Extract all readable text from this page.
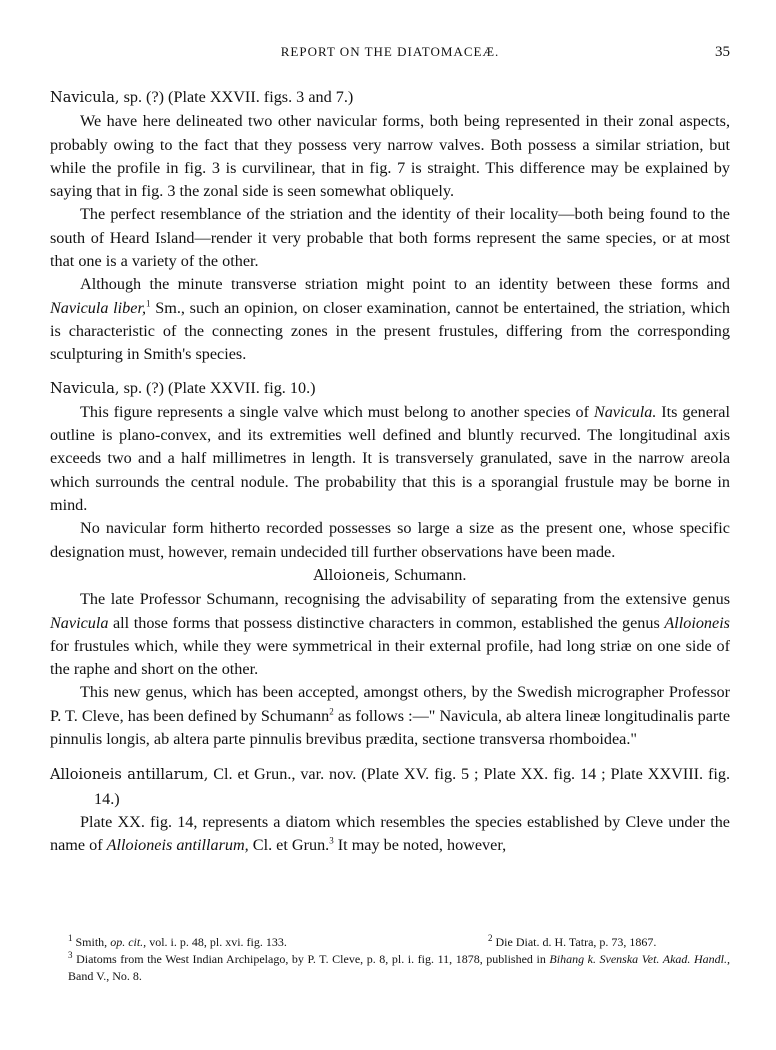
REPORT ON THE DIATOMACEÆ.	35
Navicula, sp. (?) (Plate XXVII. figs. 3 and 7.)

We have here delineated two other navicular forms, both being represented in their zonal aspects, probably owing to the fact that they possess very narrow valves. Both possess a similar striation, but while the profile in fig. 3 is curvilinear, that in fig. 7 is straight. This difference may be explained by saying that in fig. 3 the zonal side is seen somewhat obliquely.

The perfect resemblance of the striation and the identity of their locality—both being found to the south of Heard Island—render it very probable that both forms represent the same species, or at most that one is a variety of the other.

Although the minute transverse striation might point to an identity between these forms and Navicula liber,$^1$ Sm., such an opinion, on closer examination, cannot be entertained, the striation, which is characteristic of the connecting zones in the present frustules, differing from the corresponding sculpturing in Smith's species.

Navicula, sp. (?) (Plate XXVII. fig. 10.)

This figure represents a single valve which must belong to another species of Navicula. Its general outline is plano-convex, and its extremities well defined and bluntly recurved. The longitudinal axis exceeds two and a half millimetres in length. It is transversely granulated, save in the narrow areola which surrounds the central nodule. The probability that this is a sporangial frustule may be borne in mind.

No navicular form hitherto recorded possesses so large a size as the present one, whose specific designation must, however, remain undecided till further observations have been made.

Alloioneis, Schumann.

The late Professor Schumann, recognising the advisability of separating from the extensive genus Navicula all those forms that possess distinctive characters in common, established the genus Alloioneis for frustules which, while they were symmetrical in their external profile, had long striæ on one side of the raphe and short on the other.

This new genus, which has been accepted, amongst others, by the Swedish micrographer Professor P. T. Cleve, has been defined by Schumann$^2$ as follows :—" Navicula, ab altera lineæ longitudinalis parte pinnulis longis, ab altera parte pinnulis brevibus prædita, sectione transversa rhomboidea."

Alloioneis antillarum, Cl. et Grun., var. nov. (Plate XV. fig. 5 ; Plate XX. fig. 14 ; Plate XXVIII. fig. 14.)

Plate XX. fig. 14, represents a diatom which resembles the species established by Cleve under the name of Alloioneis antillarum, Cl. et Grun.$^3$ It may be noted, however,

$^1$ Smith, op. cit., vol. i. p. 48, pl. xvi. fig. 133.	$^2$ Die Diat. d. H. Tatra, p. 73, 1867.
$^3$ Diatoms from the West Indian Archipelago, by P. T. Cleve, p. 8, pl. i. fig. 11, 1878, published in Bihang k. Svenska Vet. Akad. Handl., Band V., No. 8.
